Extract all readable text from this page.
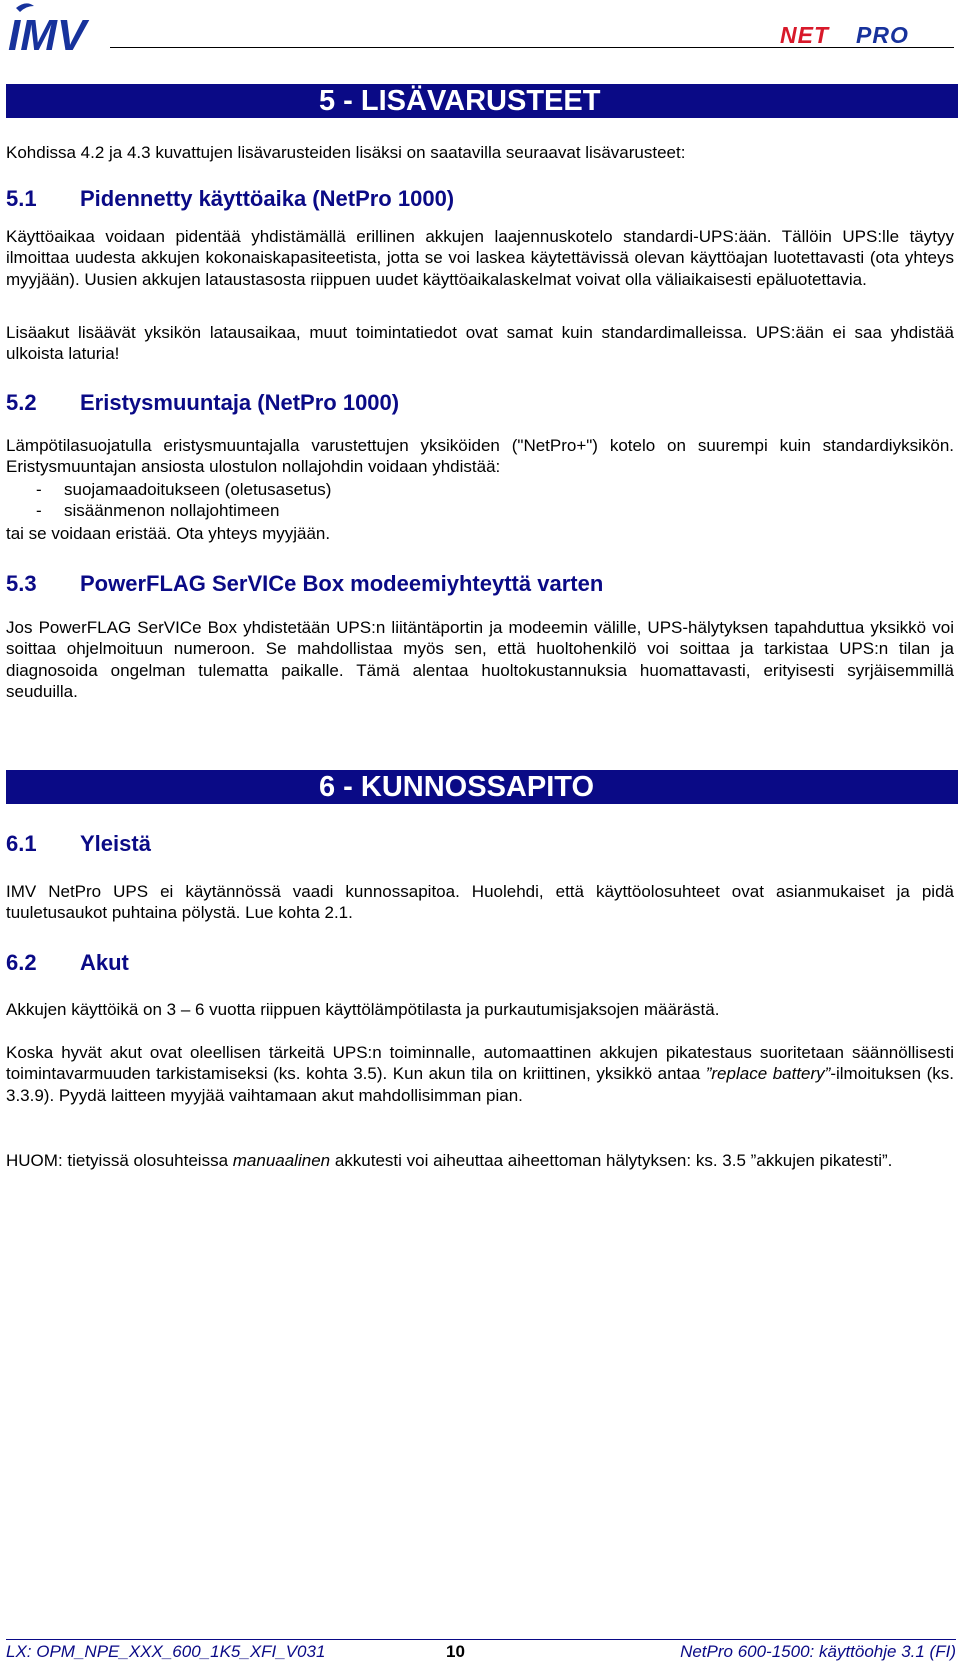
IMV	NET PRO
5 - LISÄVARUSTEET

Kohdissa 4.2 ja 4.3 kuvattujen lisävarusteiden lisäksi on saatavilla seuraavat lisävarusteet:

5.1 Pidennetty käyttöaika (NetPro 1000)

Käyttöaikaa voidaan pidentää yhdistämällä erillinen akkujen laajennuskotelo standardi-UPS:ään. Tällöin UPS:lle täytyy ilmoittaa uudesta akkujen kokonaiskapasiteetista, jotta se voi laskea käytettävissä olevan käyttöajan luotettavasti (ota yhteys myyjään). Uusien akkujen lataustasosta riippuen uudet käyttöaikalaskelmat voivat olla väliaikaisesti epäluotettavia.

Lisäakut lisäävät yksikön latausaikaa, muut toimintatiedot ovat samat kuin standardimalleissa. UPS:ään ei saa yhdistää ulkoista laturia!

5.2 Eristysmuuntaja (NetPro 1000)

Lämpötilasuojatulla eristysmuuntajalla varustettujen yksiköiden ("NetPro+") kotelo on suurempi kuin standardiyksikön. Eristysmuuntajan ansiosta ulostulon nollajohdin voidaan yhdistää:

- suojamaadoitukseen (oletusasetus)
- sisäänmenon nollajohtimeen

tai se voidaan eristää. Ota yhteys myyjään.

5.3 PowerFLAG SerVICe Box modeemiyhteyttä varten

Jos PowerFLAG SerVICe Box yhdistetään UPS:n liitäntäportin ja modeemin välille, UPS-hälytyksen tapahduttua yksikkö voi soittaa ohjelmoituun numeroon. Se mahdollistaa myös sen, että huoltohenkilö voi soittaa ja tarkistaa UPS:n tilan ja diagnosoida ongelman tulematta paikalle. Tämä alentaa huoltokustannuksia huomattavasti, erityisesti syrjäisemmillä seuduilla.

6 - KUNNOSSAPITO
6.1 Yleistä

IMV NetPro UPS ei käytännössä vaadi kunnossapitoa. Huolehdi, että käyttöolosuhteet ovat asianmukaiset ja pidä tuuletusaukot puhtaina pölystä. Lue kohta 2.1.

6.2 Akut

Akkujen käyttöikä on 3 – 6 vuotta riippuen käyttölämpötilasta ja purkautumisjaksojen määrästä.

Koska hyvät akut ovat oleellisen tärkeitä UPS:n toiminnalle, automaattinen akkujen pikatestaus suoritetaan säännöllisesti toimintavarmuuden tarkistamiseksi (ks. kohta 3.5). Kun akun tila on kriittinen, yksikkö antaa ”replace battery”-ilmoituksen (ks. 3.3.9). Pyydä laitteen myyjää vaihtamaan akut mahdollisimman pian.

HUOM: tietyissä olosuhteissa manuaalinen akkutesti voi aiheuttaa aiheettoman hälytyksen: ks. 3.5 ”akkujen pikatesti”.

LX: OPM_NPE_XXX_600_1K5_XFI_V031	10	NetPro 600-1500: käyttöohje 3.1 (FI)
